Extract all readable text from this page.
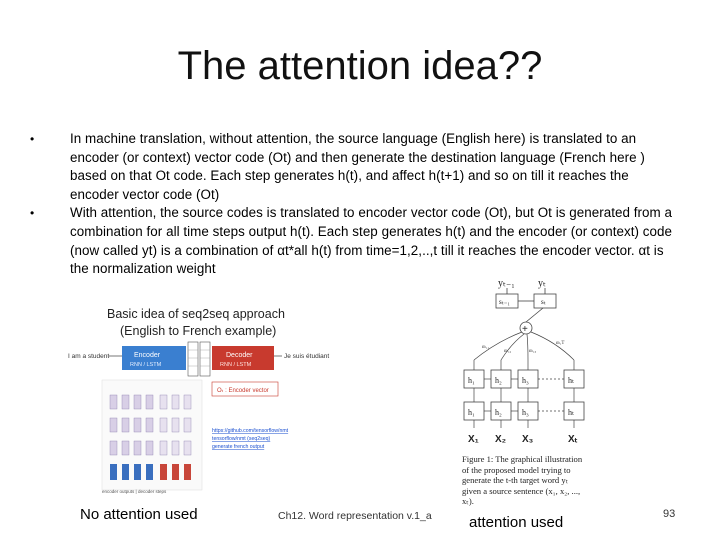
The attention idea??
•	In machine translation, without attention, the source language (English here) is translated to an encoder (or context) vector code (Ot) and then generate the destination language (French here ) based on that Ot code. Each step generates h(t), and affect h(t+1) and so on till it reaches the encoder vector code (Ot)
•	With attention, the source codes is translated to encoder vector code (Ot), but Ot is generated from a combination for all time steps output h(t). Each step generates h(t) and the encoder (or context) code (now called yt) is a combination of αt*all h(t) from time=1,2,..,t till it reaches the encoder vector. αt is the normalization weight
Basic idea of seq2seq approach
(English to French example)
I am a student	Encoder
RNN / LSTM
Decoder
RNN / LSTM
Je suis étudiant
Oₜ : Encoder vector
https://github.com/tensorflow/nmt
tensorflow/nmt (seq2seq)
generate french output
encoder outputs | decoder steps
yₜ₋₁ yₜ
sₜ₋₁	sₜ
+
αₜ,₁
αₜ,₂	αₜ,₃
αₜ,T
h₁	h₂	h₃	hₜ
h₁	h₂	h₃	hₜ
X₁ X₂ X₃	Xₜ
Figure 1: The graphical illustration of the proposed model trying to generate the t-th target word yₜ given a source sentence (x₁, x₂, ..., xₜ).
No attention used	Ch12. Word representation v.1_a attention used	93
